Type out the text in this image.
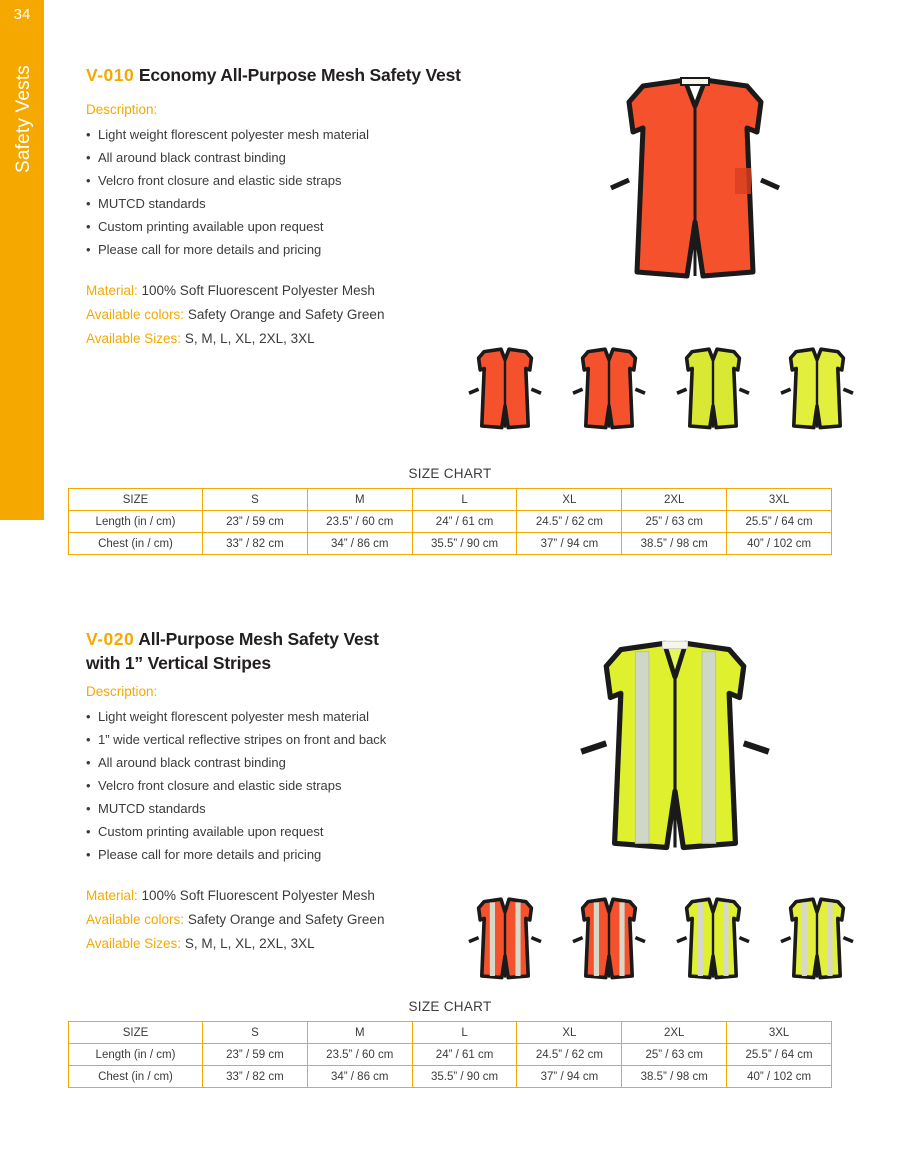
34
Safety Vests	V-010 Economy All-Purpose Mesh Safety Vest
Description:
• Light weight florescent polyester mesh material
• All around black contrast binding
• Velcro front closure and elastic side straps
• MUTCD standards
• Custom printing available upon request
• Please call for more details and pricing
Material: 100% Soft Fluorescent Polyester Mesh
Available colors: Safety Orange and Safety Green
Available Sizes: S, M, L, XL, 2XL, 3XL
SIZE CHART
SIZE	S	M	L	XL	2XL	3XL
Length (in / cm)	23” / 59 cm	23.5” / 60 cm	24” / 61 cm	24.5” / 62 cm	25” / 63 cm	25.5” / 64 cm
Chest (in / cm)	33” / 82 cm	34” / 86 cm	35.5” / 90 cm	37” / 94 cm	38.5” / 98 cm	40” / 102 cm
V-020 All-Purpose Mesh Safety Vest
with 1” Vertical Stripes
Description:
• Light weight florescent polyester mesh material
• 1” wide vertical reflective stripes on front and back
• All around black contrast binding
• Velcro front closure and elastic side straps
• MUTCD standards
• Custom printing available upon request
• Please call for more details and pricing
Material: 100% Soft Fluorescent Polyester Mesh
Available colors: Safety Orange and Safety Green
Available Sizes: S, M, L, XL, 2XL, 3XL
SIZE CHART
SIZE	S	M	L	XL	2XL	3XL
Length (in / cm)	23” / 59 cm	23.5” / 60 cm	24” / 61 cm	24.5” / 62 cm	25” / 63 cm	25.5” / 64 cm
Chest (in / cm)	33” / 82 cm	34” / 86 cm	35.5” / 90 cm	37” / 94 cm	38.5” / 98 cm	40” / 102 cm
